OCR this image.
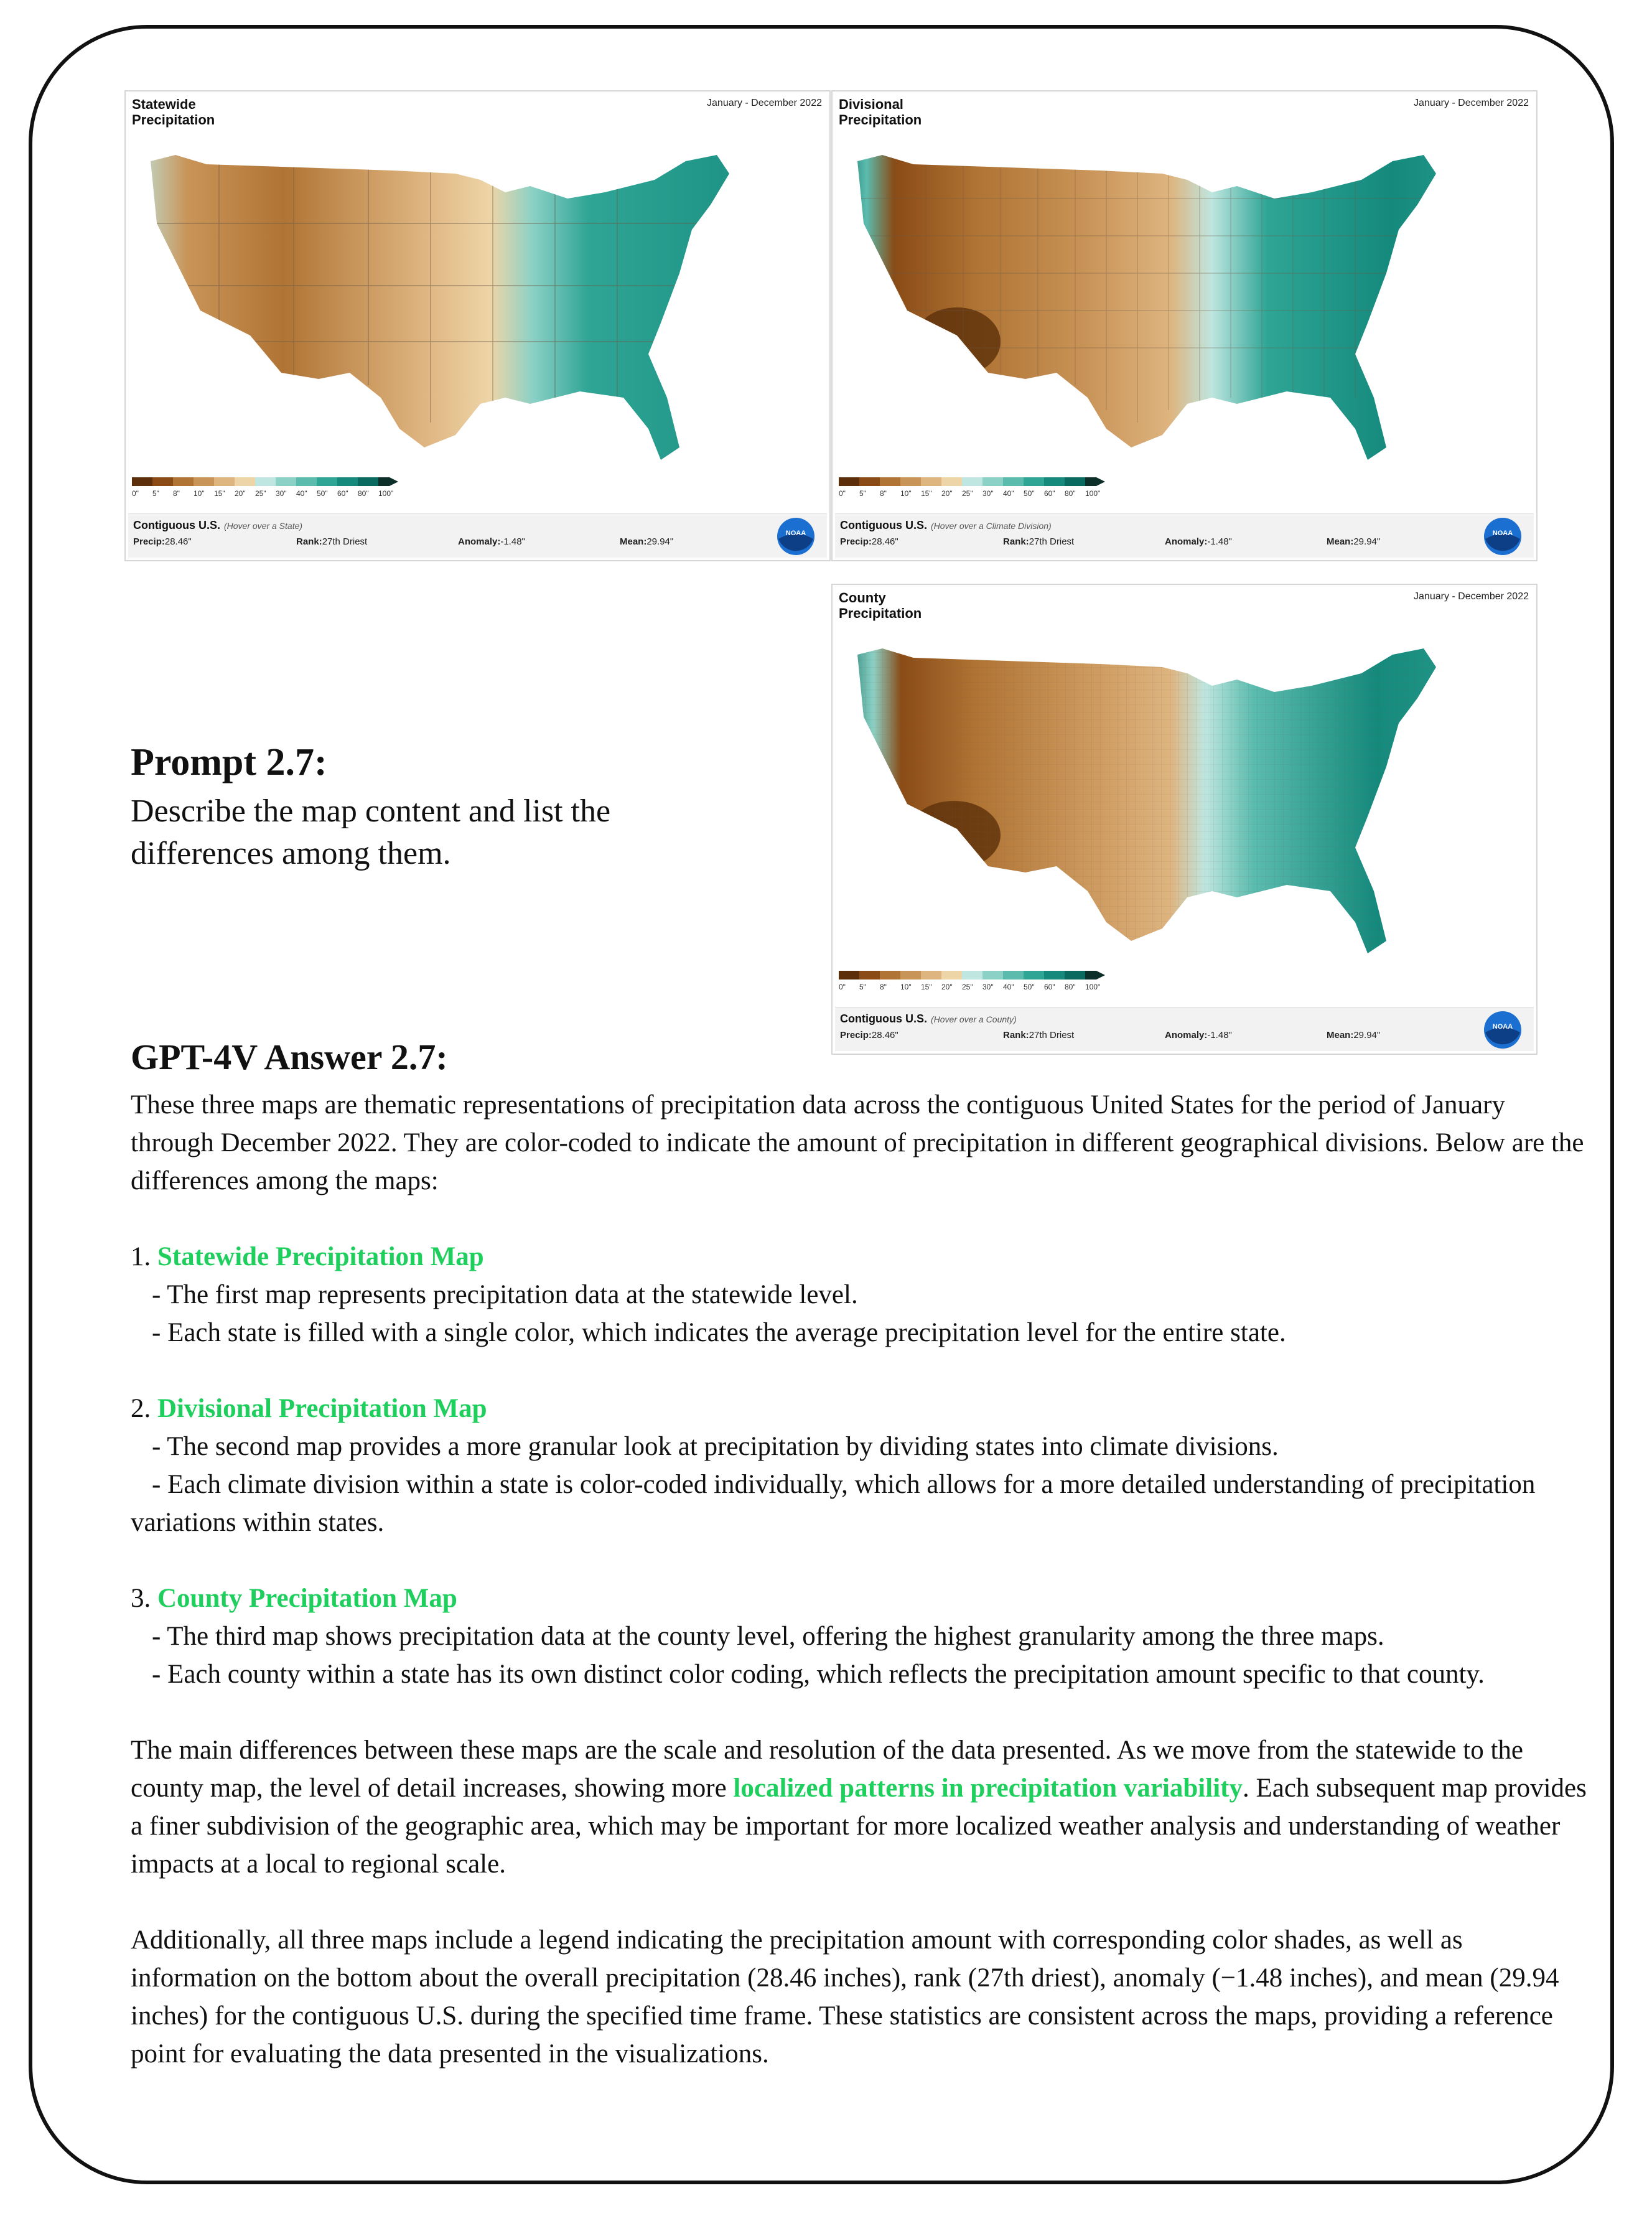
Statewide
Precipitation
January - December 2022
0" 5" 8" 10" 15" 20" 25" 30" 40" 50" 60" 80" 100"
Contiguous U.S. (Hover over a State)
Precip:28.46"	Rank:27th Driest	Anomaly:-1.48"	Mean:29.94"
NOAA
Divisional
Precipitation
January - December 2022
0" 5" 8" 10" 15" 20" 25" 30" 40" 50" 60" 80" 100"
Contiguous U.S. (Hover over a Climate Division)
Precip:28.46"	Rank:27th Driest	Anomaly:-1.48"	Mean:29.94"
NOAA
County
Precipitation
January - December 2022
0" 5" 8" 10" 15" 20" 25" 30" 40" 50" 60" 80" 100"
Contiguous U.S. (Hover over a County)
Precip:28.46"	Rank:27th Driest	Anomaly:-1.48"	Mean:29.94"
NOAA
Prompt 2.7:
Describe the map content and list the differences among them.
GPT-4V Answer 2.7:

These three maps are thematic representations of precipitation data across the contiguous United States for the period of January through December 2022. They are color-coded to indicate the amount of precipitation in different geographical divisions. Below are the differences among the maps:

1. Statewide Precipitation Map

- The first map represents precipitation data at the statewide level.

- Each state is filled with a single color, which indicates the average precipitation level for the entire state.

2. Divisional Precipitation Map

- The second map provides a more granular look at precipitation by dividing states into climate divisions.

- Each climate division within a state is color-coded individually, which allows for a more detailed understanding of precipitation variations within states.

3. County Precipitation Map

- The third map shows precipitation data at the county level, offering the highest granularity among the three maps.

- Each county within a state has its own distinct color coding, which reflects the precipitation amount specific to that county.

The main differences between these maps are the scale and resolution of the data presented. As we move from the statewide to the county map, the level of detail increases, showing more localized patterns in precipitation variability. Each subsequent map provides a finer subdivision of the geographic area, which may be important for more localized weather analysis and understanding of weather impacts at a local to regional scale.

Additionally, all three maps include a legend indicating the precipitation amount with corresponding color shades, as well as information on the bottom about the overall precipitation (28.46 inches), rank (27th driest), anomaly (−1.48 inches), and mean (29.94 inches) for the contiguous U.S. during the specified time frame. These statistics are consistent across the maps, providing a reference point for evaluating the data presented in the visualizations.
